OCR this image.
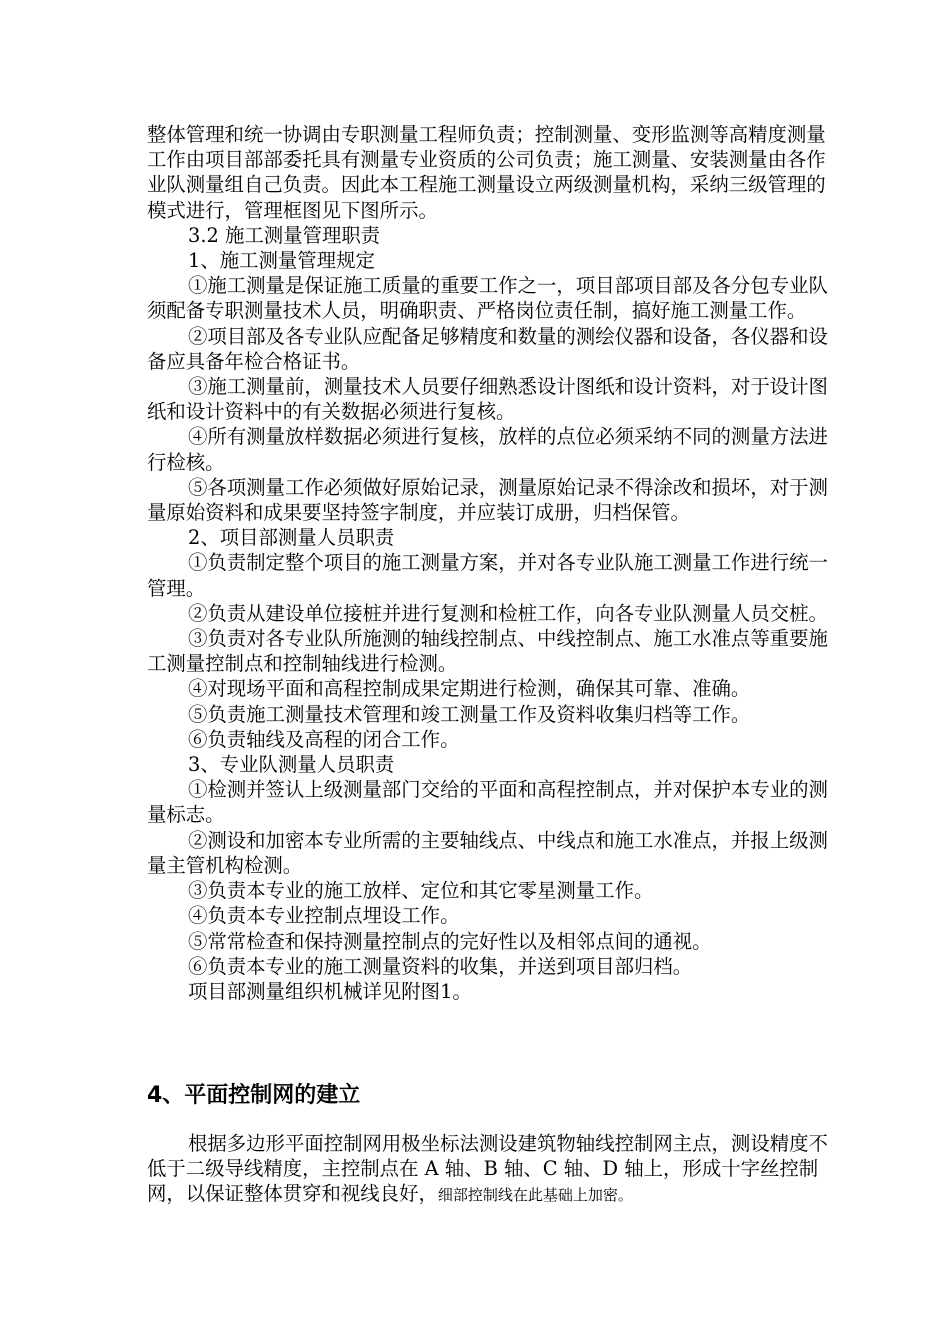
整体管理和统一协调由专职测量工程师负责；控制测量、变形监测等高精度测量工作由项目部部委托具有测量专业资质的公司负责；施工测量、安装测量由各作业队测量组自己负责。因此本工程施工测量设立两级测量机构，采纳三级管理的模式进行，管理框图见下图所示。

3.2 施工测量管理职责

1、施工测量管理规定

①施工测量是保证施工质量的重要工作之一，项目部项目部及各分包专业队须配备专职测量技术人员，明确职责、严格岗位责任制，搞好施工测量工作。

②项目部及各专业队应配备足够精度和数量的测绘仪器和设备，各仪器和设备应具备年检合格证书。

③施工测量前，测量技术人员要仔细熟悉设计图纸和设计资料，对于设计图纸和设计资料中的有关数据必须进行复核。

④所有测量放样数据必须进行复核，放样的点位必须采纳不同的测量方法进行检核。

⑤各项测量工作必须做好原始记录，测量原始记录不得涂改和损坏，对于测量原始资料和成果要坚持签字制度，并应装订成册，归档保管。

2、项目部测量人员职责

①负责制定整个项目的施工测量方案，并对各专业队施工测量工作进行统一管理。

②负责从建设单位接桩并进行复测和检桩工作，向各专业队测量人员交桩。

③负责对各专业队所施测的轴线控制点、中线控制点、施工水准点等重要施工测量控制点和控制轴线进行检测。

④对现场平面和高程控制成果定期进行检测，确保其可靠、准确。

⑤负责施工测量技术管理和竣工测量工作及资料收集归档等工作。

⑥负责轴线及高程的闭合工作。

3、专业队测量人员职责

①检测并签认上级测量部门交给的平面和高程控制点，并对保护本专业的测量标志。

②测设和加密本专业所需的主要轴线点、中线点和施工水准点，并报上级测量主管机构检测。

③负责本专业的施工放样、定位和其它零星测量工作。

④负责本专业控制点埋设工作。

⑤常常检查和保持测量控制点的完好性以及相邻点间的通视。

⑥负责本专业的施工测量资料的收集，并送到项目部归档。

项目部测量组织机械详见附图1。

4、平面控制网的建立

根据多边形平面控制网用极坐标法测设建筑物轴线控制网主点，测设精度不低于二级导线精度，主控制点在 A 轴、B 轴、C 轴、D 轴上，形成十字丝控制网，以保证整体贯穿和视线良好，细部控制线在此基础上加密。
